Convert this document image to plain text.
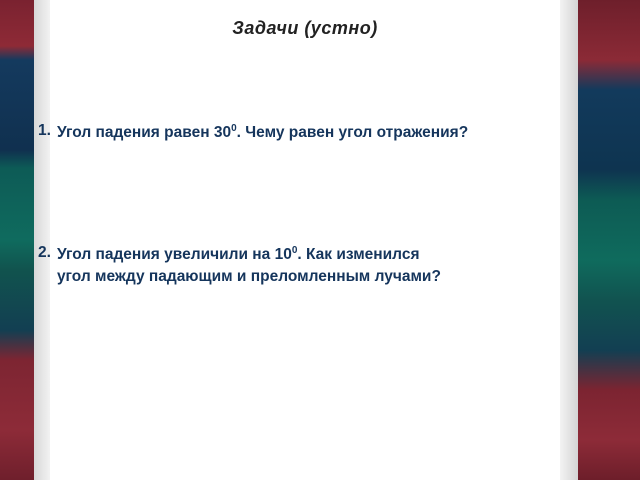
Задачи (устно)
1. Угол падения равен $30^0$. Чему равен угол отражения?
2. Угол падения увеличили на $10^0$. Как изменился угол между падающим и преломленным лучами?
